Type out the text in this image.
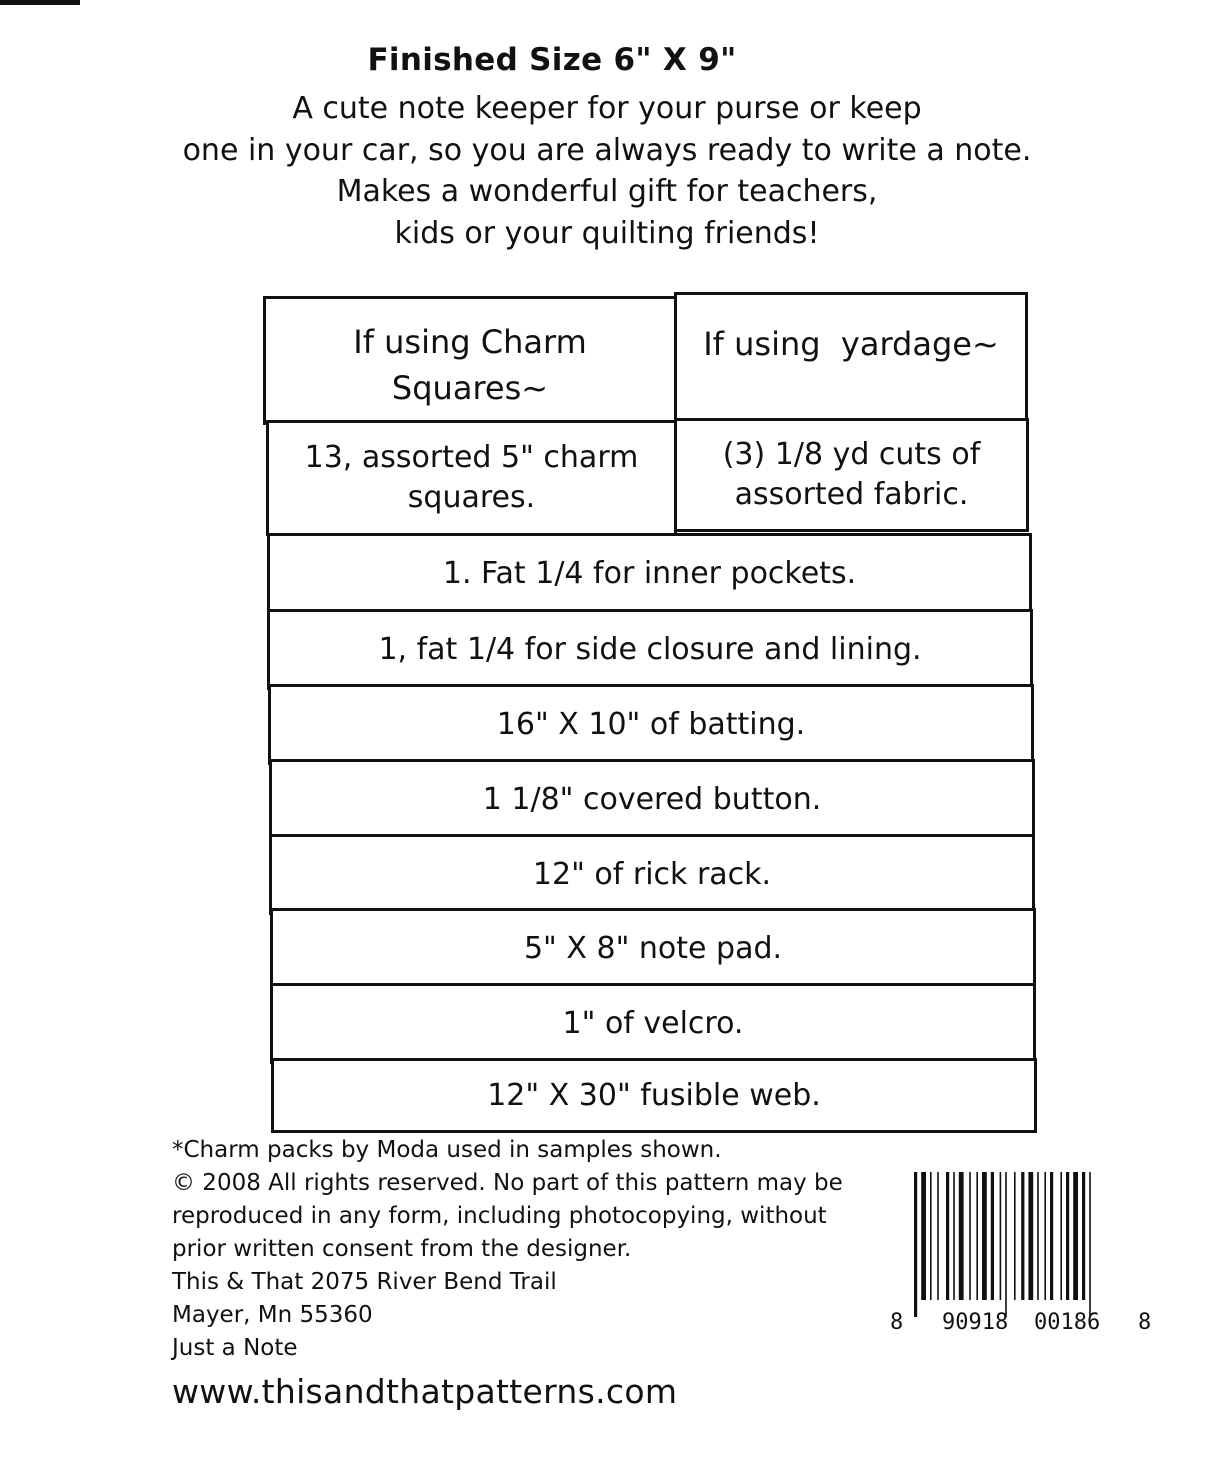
Finished Size 6" X 9"
A cute note keeper for your purse or keep
one in your car, so you are always ready to write a note.
Makes a wonderful gift for teachers,
kids or your quilting friends!
If using Charm
Squares~
If using  yardage~
13, assorted 5" charm
squares.
(3) 1/8 yd cuts of
assorted fabric.
1. Fat 1/4 for inner pockets.
1, fat 1/4 for side closure and lining.
16" X 10" of batting.
1 1/8" covered button.
12" of rick rack.
5" X 8" note pad.
1" of velcro.
12" X 30" fusible web.
*Charm packs by Moda used in samples shown.
© 2008 All rights reserved. No part of this pattern may be
reproduced in any form, including photocopying, without
prior written consent from the designer.
This & That 2075 River Bend Trail
Mayer, Mn 55360
Just a Note
www.thisandthatpatterns.com
8 90918 00186 8
